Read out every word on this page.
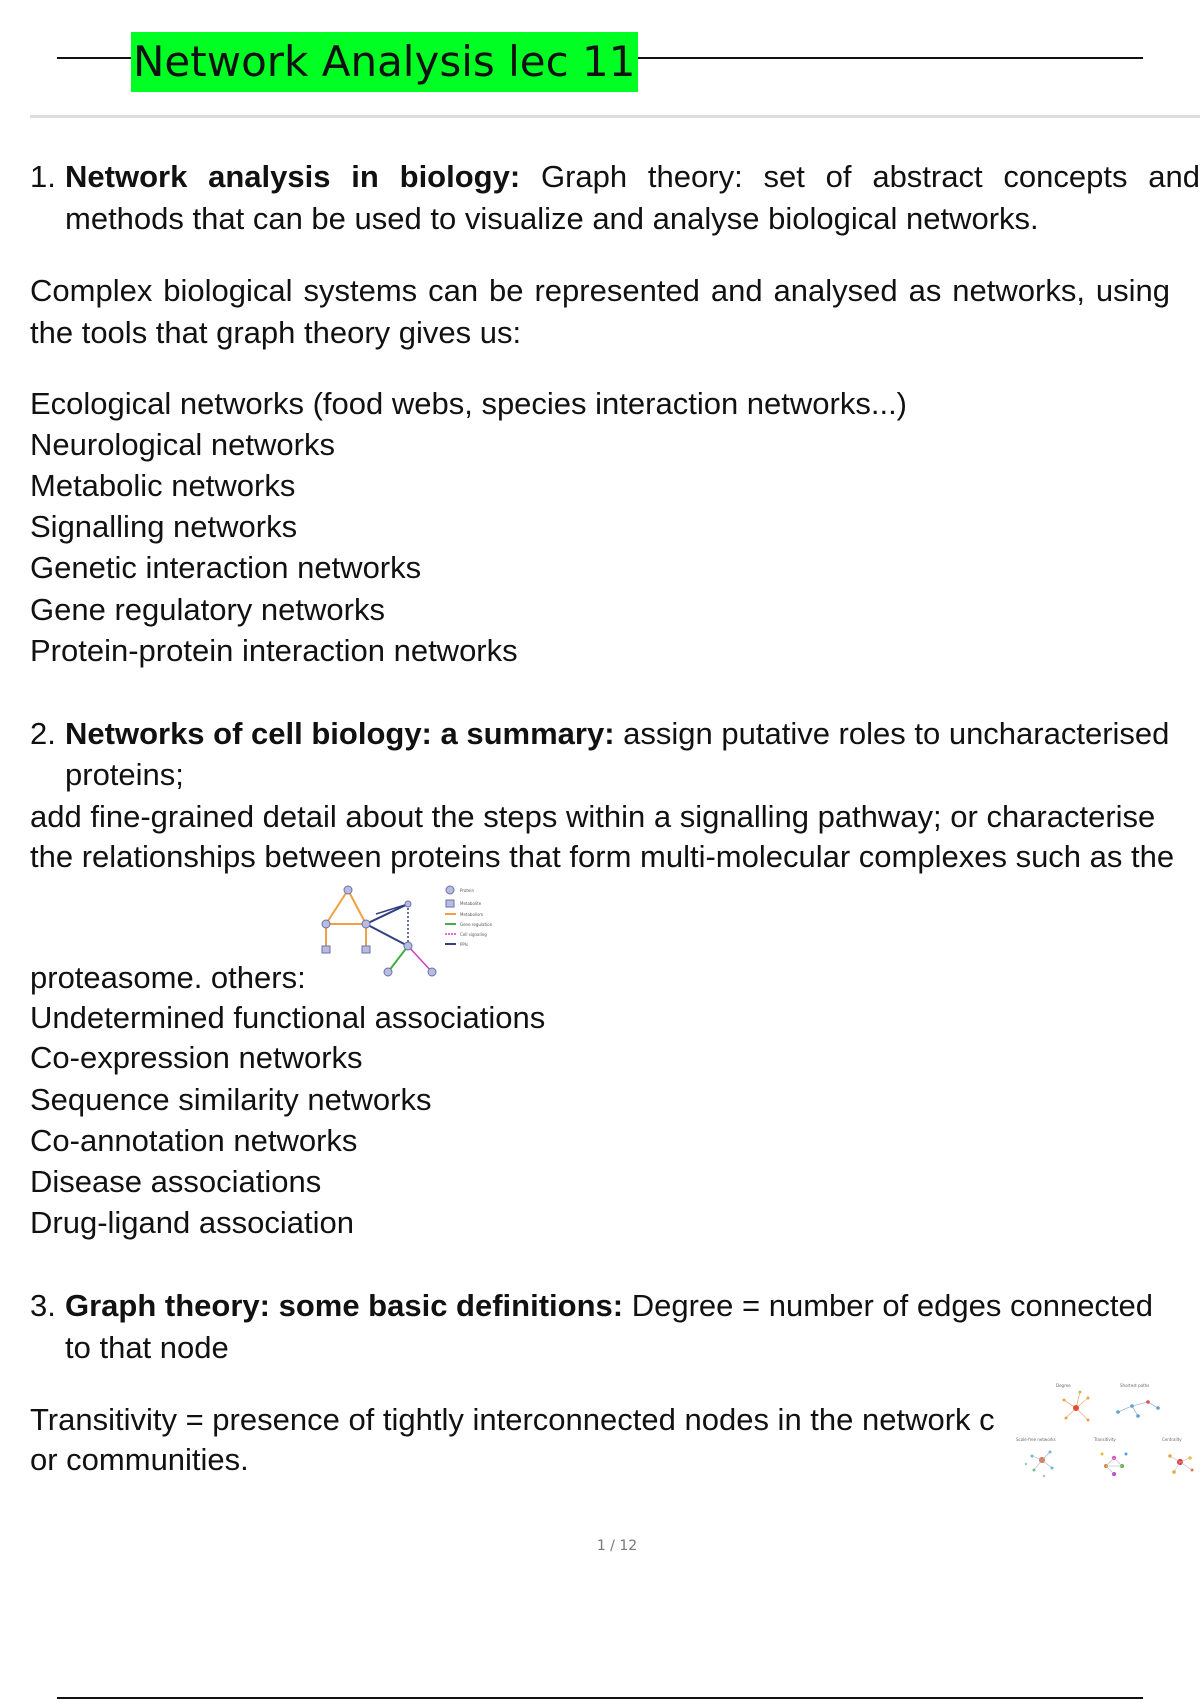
Network Analysis lec 11
1. Network analysis in biology: Graph theory: set of abstract concepts and
methods that can be used to visualize and analyse biological networks.
Complex biological systems can be represented and analysed as networks, using
the tools that graph theory gives us:
Ecological networks (food webs, species interaction networks...)
Neurological networks
Metabolic networks
Signalling networks
Genetic interaction networks
Gene regulatory networks
Protein-protein interaction networks
2. Networks of cell biology: a summary: assign putative roles to uncharacterised
proteins;
add fine-grained detail about the steps within a signalling pathway; or characterise
the relationships between proteins that form multi-molecular complexes such as the
proteasome. others:
Protein
Metabolite
Metabolism
Gene regulation
Cell signaling
PPIs
Undetermined functional associations
Co-expression networks
Sequence similarity networks
Co-annotation networks
Disease associations
Drug-ligand association
3. Graph theory: some basic definitions: Degree = number of edges connected
to that node
Transitivity = presence of tightly interconnected nodes in the network c
or communities.
Degree	Shortest paths
Scale-free networks	Transitivity	Centrality
1 / 12
